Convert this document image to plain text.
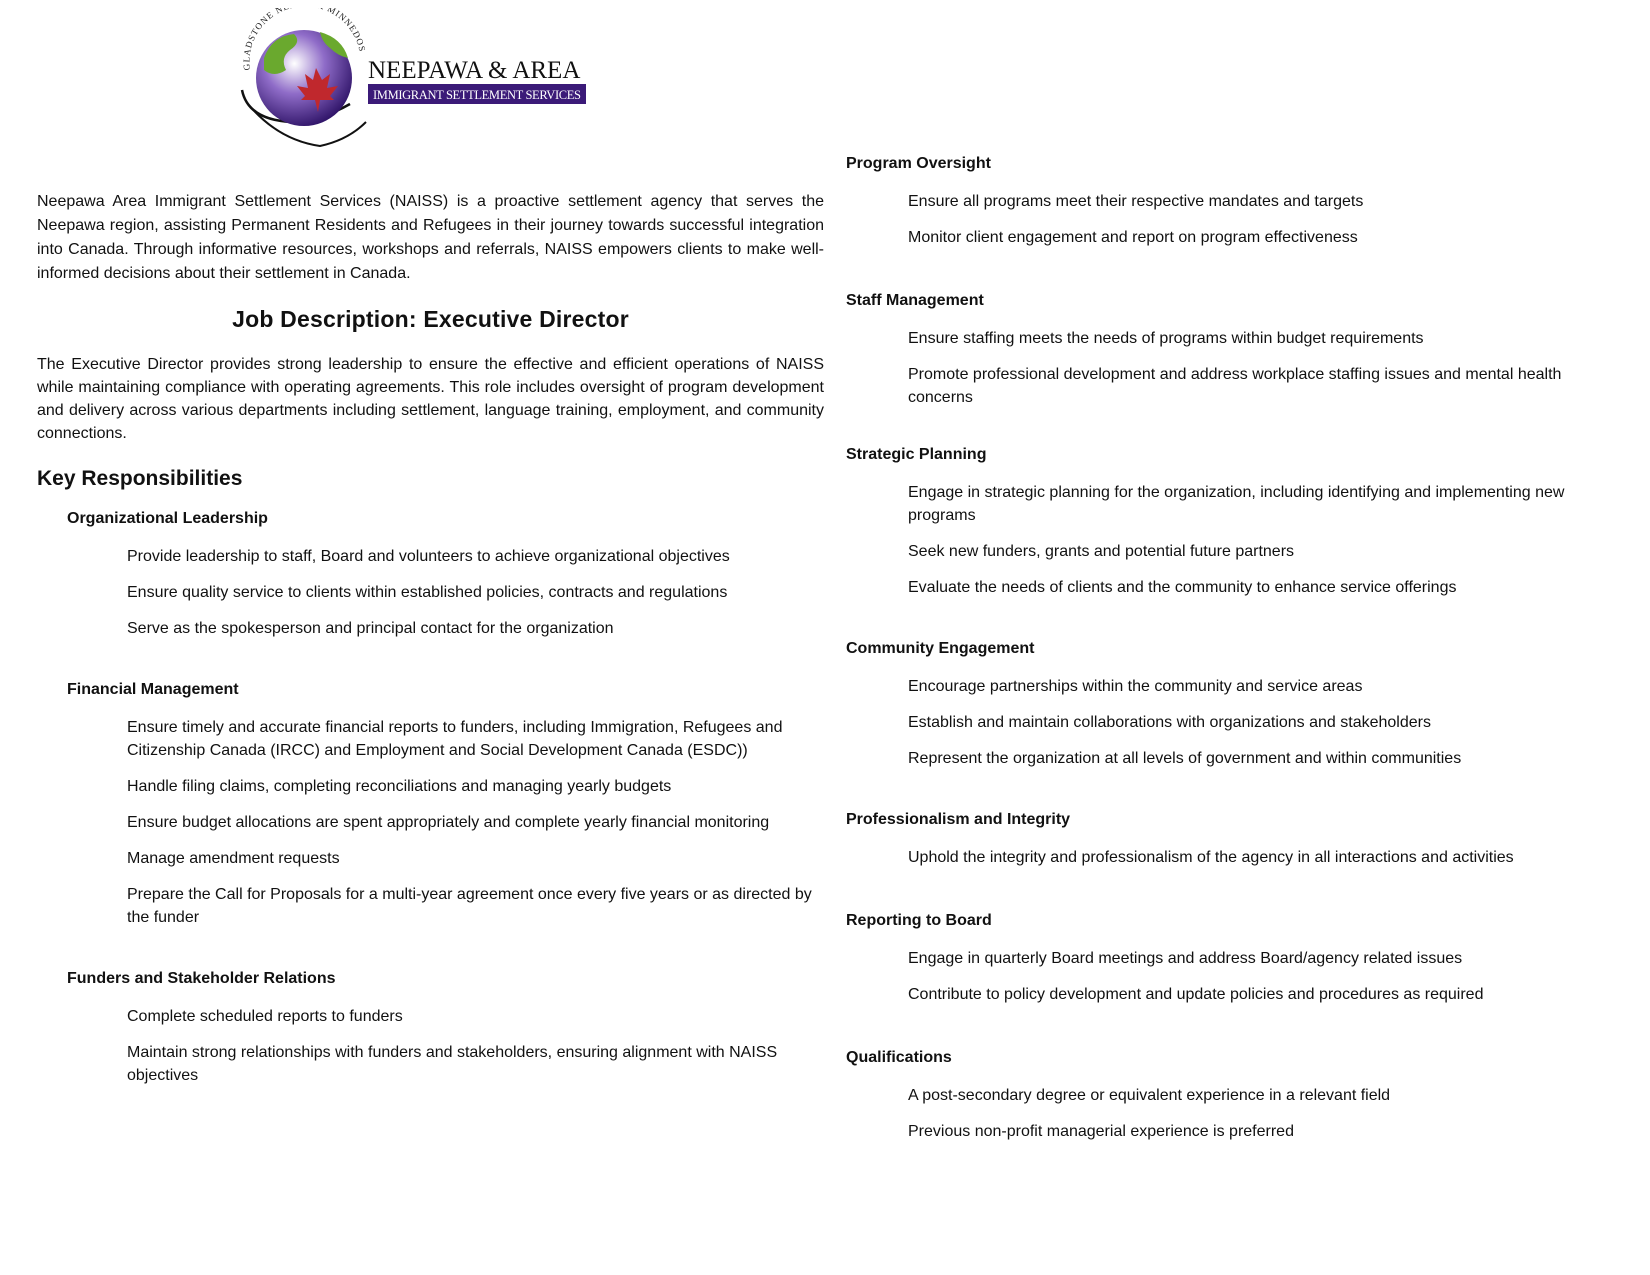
GLADSTONE N MINNEDOS
NEEPAWA & AREA
IMMIGRANT SETTLEMENT SERVICES

Neepawa Area Immigrant Settlement Services (NAISS) is a proactive settlement agency that serves the Neepawa region, assisting Permanent Residents and Refugees in their journey towards successful integration into Canada. Through informative resources, workshops and referrals, NAISS empowers clients to make well-informed decisions about their settlement in Canada.

Job Description: Executive Director

The Executive Director provides strong leadership to ensure the effective and efficient operations of NAISS while maintaining compliance with operating agreements. This role includes oversight of program development and delivery across various departments including settlement, language training, employment, and community connections.

Key Responsibilities
Organizational Leadership
Provide leadership to staff, Board and volunteers to achieve organizational objectives
Ensure quality service to clients within established policies, contracts and regulations
Serve as the spokesperson and principal contact for the organization
Financial Management
Ensure timely and accurate financial reports to funders, including Immigration, Refugees and Citizenship Canada (IRCC) and Employment and Social Development Canada (ESDC))
Handle filing claims, completing reconciliations and managing yearly budgets
Ensure budget allocations are spent appropriately and complete yearly financial monitoring
Manage amendment requests
Prepare the Call for Proposals for a multi-year agreement once every five years or as directed by the funder
Funders and Stakeholder Relations
Complete scheduled reports to funders
Maintain strong relationships with funders and stakeholders, ensuring alignment with NAISS objectives
Program Oversight
Ensure all programs meet their respective mandates and targets
Monitor client engagement and report on program effectiveness
Staff Management
Ensure staffing meets the needs of programs within budget requirements
Promote professional development and address workplace staffing issues and mental health concerns
Strategic Planning
Engage in strategic planning for the organization, including identifying and implementing new programs
Seek new funders, grants and potential future partners
Evaluate the needs of clients and the community to enhance service offerings
Community Engagement
Encourage partnerships within the community and service areas
Establish and maintain collaborations with organizations and stakeholders
Represent the organization at all levels of government and within communities
Professionalism and Integrity
Uphold the integrity and professionalism of the agency in all interactions and activities
Reporting to Board
Engage in quarterly Board meetings and address Board/agency related issues
Contribute to policy development and update policies and procedures as required
Qualifications
A post-secondary degree or equivalent experience in a relevant field
Previous non-profit managerial experience is preferred
